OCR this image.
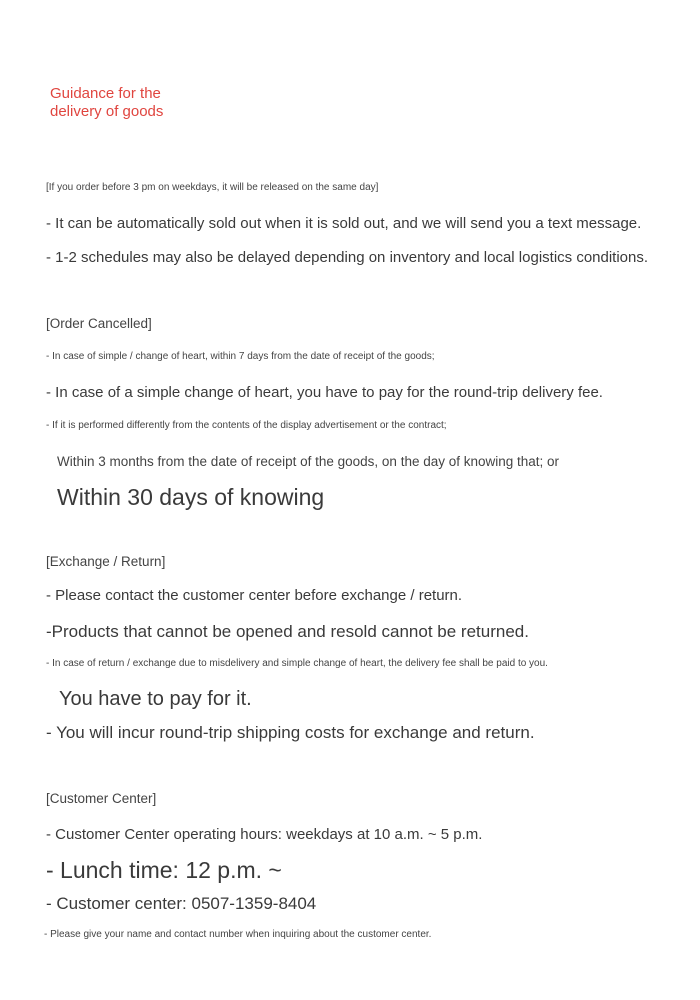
Guidance for the
delivery of goods
[If you order before 3 pm on weekdays, it will be released on the same day]
- It can be automatically sold out when it is sold out, and we will send you a text message.
- 1-2 schedules may also be delayed depending on inventory and local logistics conditions.
[Order Cancelled]
- In case of simple / change of heart, within 7 days from the date of receipt of the goods;
- In case of a simple change of heart, you have to pay for the round-trip delivery fee.
- If it is performed differently from the contents of the display advertisement or the contract;
Within 3 months from the date of receipt of the goods, on the day of knowing that; or
Within 30 days of knowing
[Exchange / Return]
- Please contact the customer center before exchange / return.
-Products that cannot be opened and resold cannot be returned.
- In case of return / exchange due to misdelivery and simple change of heart, the delivery fee shall be paid to you.
You have to pay for it.
- You will incur round-trip shipping costs for exchange and return.
[Customer Center]
- Customer Center operating hours: weekdays at 10 a.m. ~ 5 p.m.
- Lunch time: 12 p.m. ~
- Customer center: 0507-1359-8404
- Please give your name and contact number when inquiring about the customer center.
